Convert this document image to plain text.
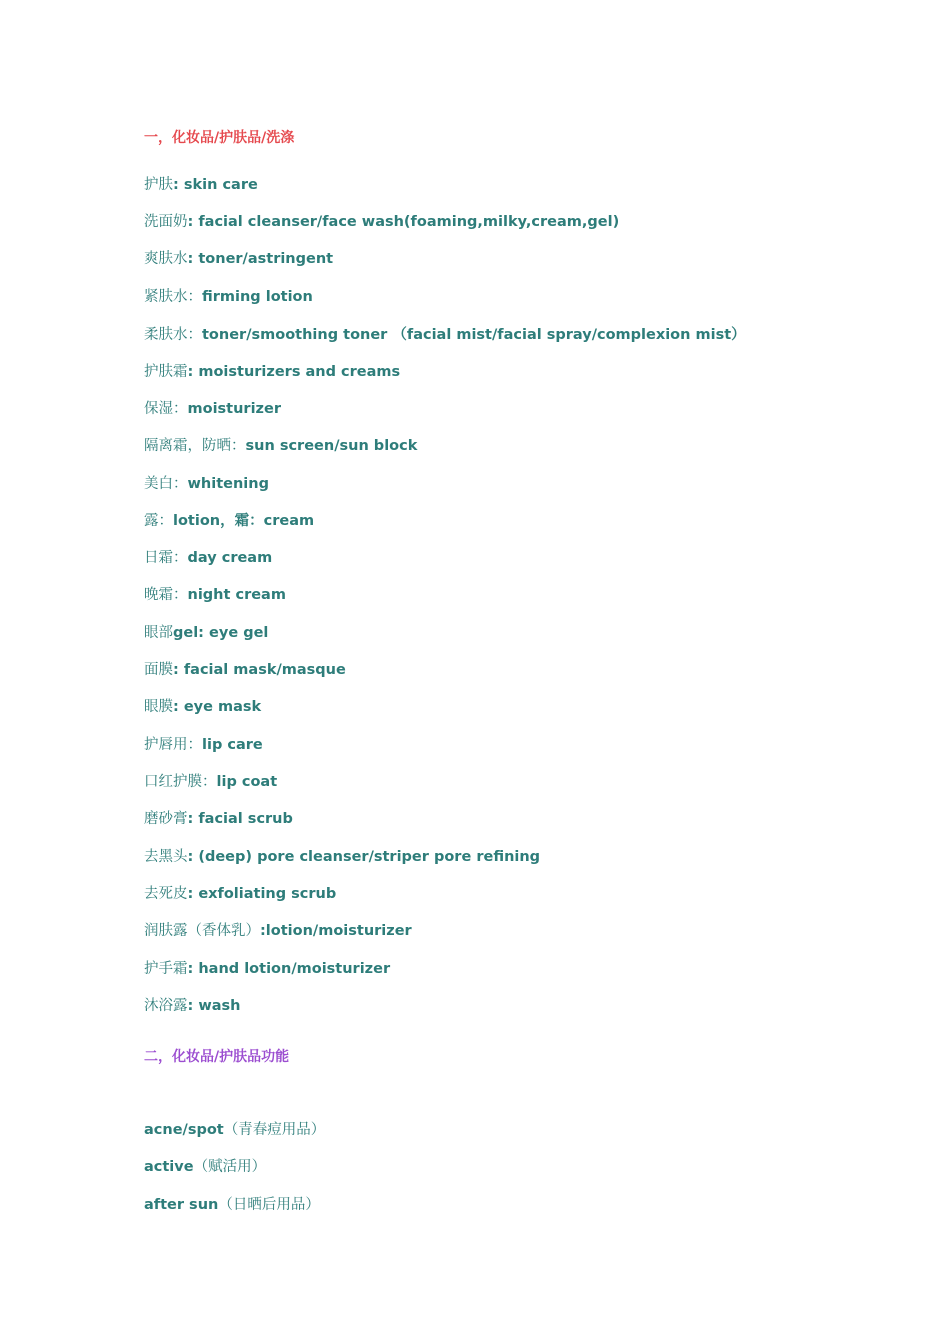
一，化妆品/护肤品/洗涤
护肤: skin care
洗面奶: facial cleanser/face wash(foaming,milky,cream,gel)
爽肤水: toner/astringent
紧肤水：firming lotion
柔肤水：toner/smoothing toner （facial mist/facial spray/complexion mist）
护肤霜: moisturizers and creams
保湿：moisturizer
隔离霜，防晒：sun screen/sun block
美白：whitening
露：lotion，霜：cream
日霜：day cream
晚霜：night cream
眼部gel: eye gel
面膜: facial mask/masque
眼膜: eye mask
护唇用：lip care
口红护膜：lip coat
磨砂膏: facial scrub
去黑头: (deep) pore cleanser/striper pore refining
去死皮: exfoliating scrub
润肤露（香体乳）:lotion/moisturizer
护手霜: hand lotion/moisturizer
沐浴露: wash
二，化妆品/护肤品功能
acne/spot（青春痘用品）
active（赋活用）
after sun（日晒后用品）
